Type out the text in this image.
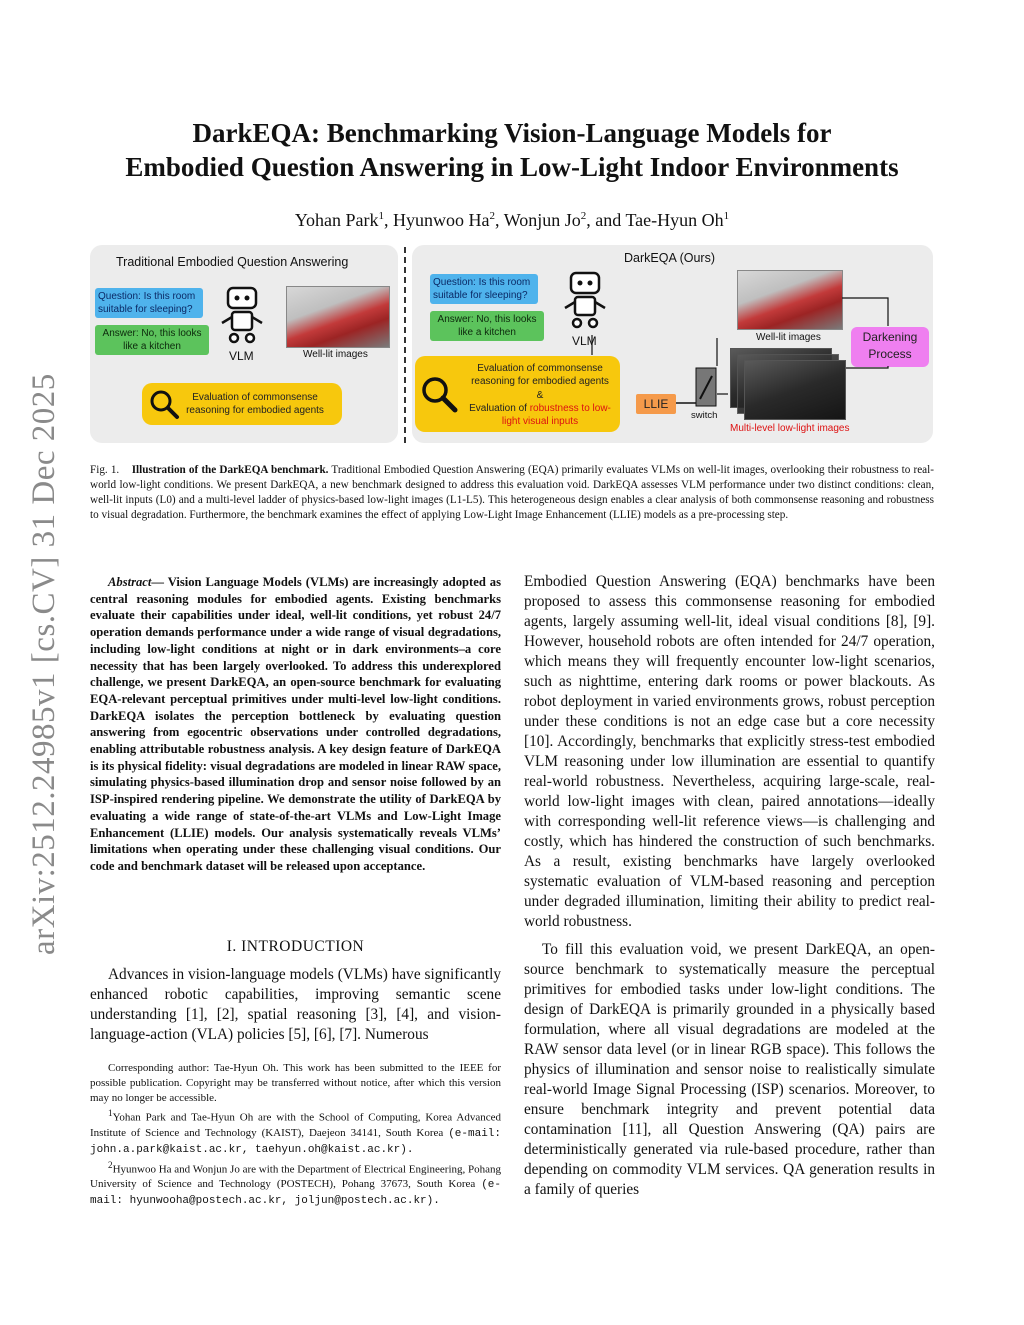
arXiv:2512.24985v1 [cs.CV] 31 Dec 2025
DarkEQA: Benchmarking Vision-Language Models for
Embodied Question Answering in Low-Light Indoor Environments
Yohan Park$^1$, Hyunwoo Ha$^2$, Wonjun Jo$^2$, and Tae-Hyun Oh$^1$
Traditional Embodied Question Answering
Question: Is this room suitable for sleeping?
Answer: No, this looks like a kitchen
VLM	Well-lit images
Evaluation of commonsense reasoning for embodied agents
DarkEQA (Ours)
Question: Is this room suitable for sleeping?
Answer: No, this looks like a kitchen
VLM	Well-lit images	Darkening Process
Multi-level low-light images
Evaluation of commonsense reasoning for embodied agents
&
Evaluation of robustness to low-light visual inputs
LLIE
switch
Fig. 1. Illustration of the DarkEQA benchmark. Traditional Embodied Question Answering (EQA) primarily evaluates VLMs on well-lit images, overlooking their robustness to real-world low-light conditions. We present DarkEQA, a new benchmark designed to address this evaluation void. DarkEQA assesses VLM performance under two distinct conditions: clean, well-lit inputs (L0) and a multi-level ladder of physics-based low-light images (L1-L5). This heterogeneous design enables a clear analysis of both commonsense reasoning and robustness to visual degradation. Furthermore, the benchmark examines the effect of applying Low-Light Image Enhancement (LLIE) models as a pre-processing step.

Abstract— Vision Language Models (VLMs) are increasingly adopted as central reasoning modules for embodied agents. Existing benchmarks evaluate their capabilities under ideal, well-lit conditions, yet robust 24/7 operation demands performance under a wide range of visual degradations, including low-light conditions at night or in dark environments–a core necessity that has been largely overlooked. To address this underexplored challenge, we present DarkEQA, an open-source benchmark for evaluating EQA-relevant perceptual primitives under multi-level low-light conditions. DarkEQA isolates the perception bottleneck by evaluating question answering from egocentric observations under controlled degradations, enabling attributable robustness analysis. A key design feature of DarkEQA is its physical fidelity: visual degradations are modeled in linear RAW space, simulating physics-based illumination drop and sensor noise followed by an ISP-inspired rendering pipeline. We demonstrate the utility of DarkEQA by evaluating a wide range of state-of-the-art VLMs and Low-Light Image Enhancement (LLIE) models. Our analysis systematically reveals VLMs’ limitations when operating under these challenging visual conditions. Our code and benchmark dataset will be released upon acceptance.

I. INTRODUCTION

Advances in vision-language models (VLMs) have significantly enhanced robotic capabilities, improving semantic scene understanding [1], [2], spatial reasoning [3], [4], and vision-language-action (VLA) policies [5], [6], [7]. Numerous

Corresponding author: Tae-Hyun Oh. This work has been submitted to the IEEE for possible publication. Copyright may be transferred without notice, after which this version may no longer be accessible.

$^1$Yohan Park and Tae-Hyun Oh are with the School of Computing, Korea Advanced Institute of Science and Technology (KAIST), Daejeon 34141, South Korea (e-mail: john.a.park@kaist.ac.kr, taehyun.oh@kaist.ac.kr).

$^2$Hyunwoo Ha and Wonjun Jo are with the Department of Electrical Engineering, Pohang University of Science and Technology (POSTECH), Pohang 37673, South Korea (e-mail: hyunwooha@postech.ac.kr, joljun@postech.ac.kr).

Embodied Question Answering (EQA) benchmarks have been proposed to assess this commonsense reasoning for embodied agents, largely assuming well-lit, ideal visual conditions [8], [9]. However, household robots are often intended for 24/7 operation, which means they will frequently encounter low-light scenarios, such as nighttime, entering dark rooms or power blackouts. As robot deployment in varied environments grows, robust perception under these conditions is not an edge case but a core necessity [10]. Accordingly, benchmarks that explicitly stress-test embodied VLM reasoning under low illumination are essential to quantify real-world robustness. Nevertheless, acquiring large-scale, real-world low-light images with clean, paired annotations—ideally with corresponding well-lit reference views—is challenging and costly, which has hindered the construction of such benchmarks. As a result, existing benchmarks have largely overlooked systematic evaluation of VLM-based reasoning and perception under degraded illumination, limiting their ability to predict real-world robustness.

To fill this evaluation void, we present DarkEQA, an open-source benchmark to systematically measure the perceptual primitives for embodied tasks under low-light conditions. The design of DarkEQA is primarily grounded in a physically based formulation, where all visual degradations are modeled at the RAW sensor data level (or in linear RGB space). This follows the physics of illumination and sensor noise to realistically simulate real-world Image Signal Processing (ISP) scenarios. Moreover, to ensure benchmark integrity and prevent potential data contamination [11], all Question Answering (QA) pairs are deterministically generated via rule-based procedure, rather than depending on commodity VLM services. QA generation results in a family of queries
